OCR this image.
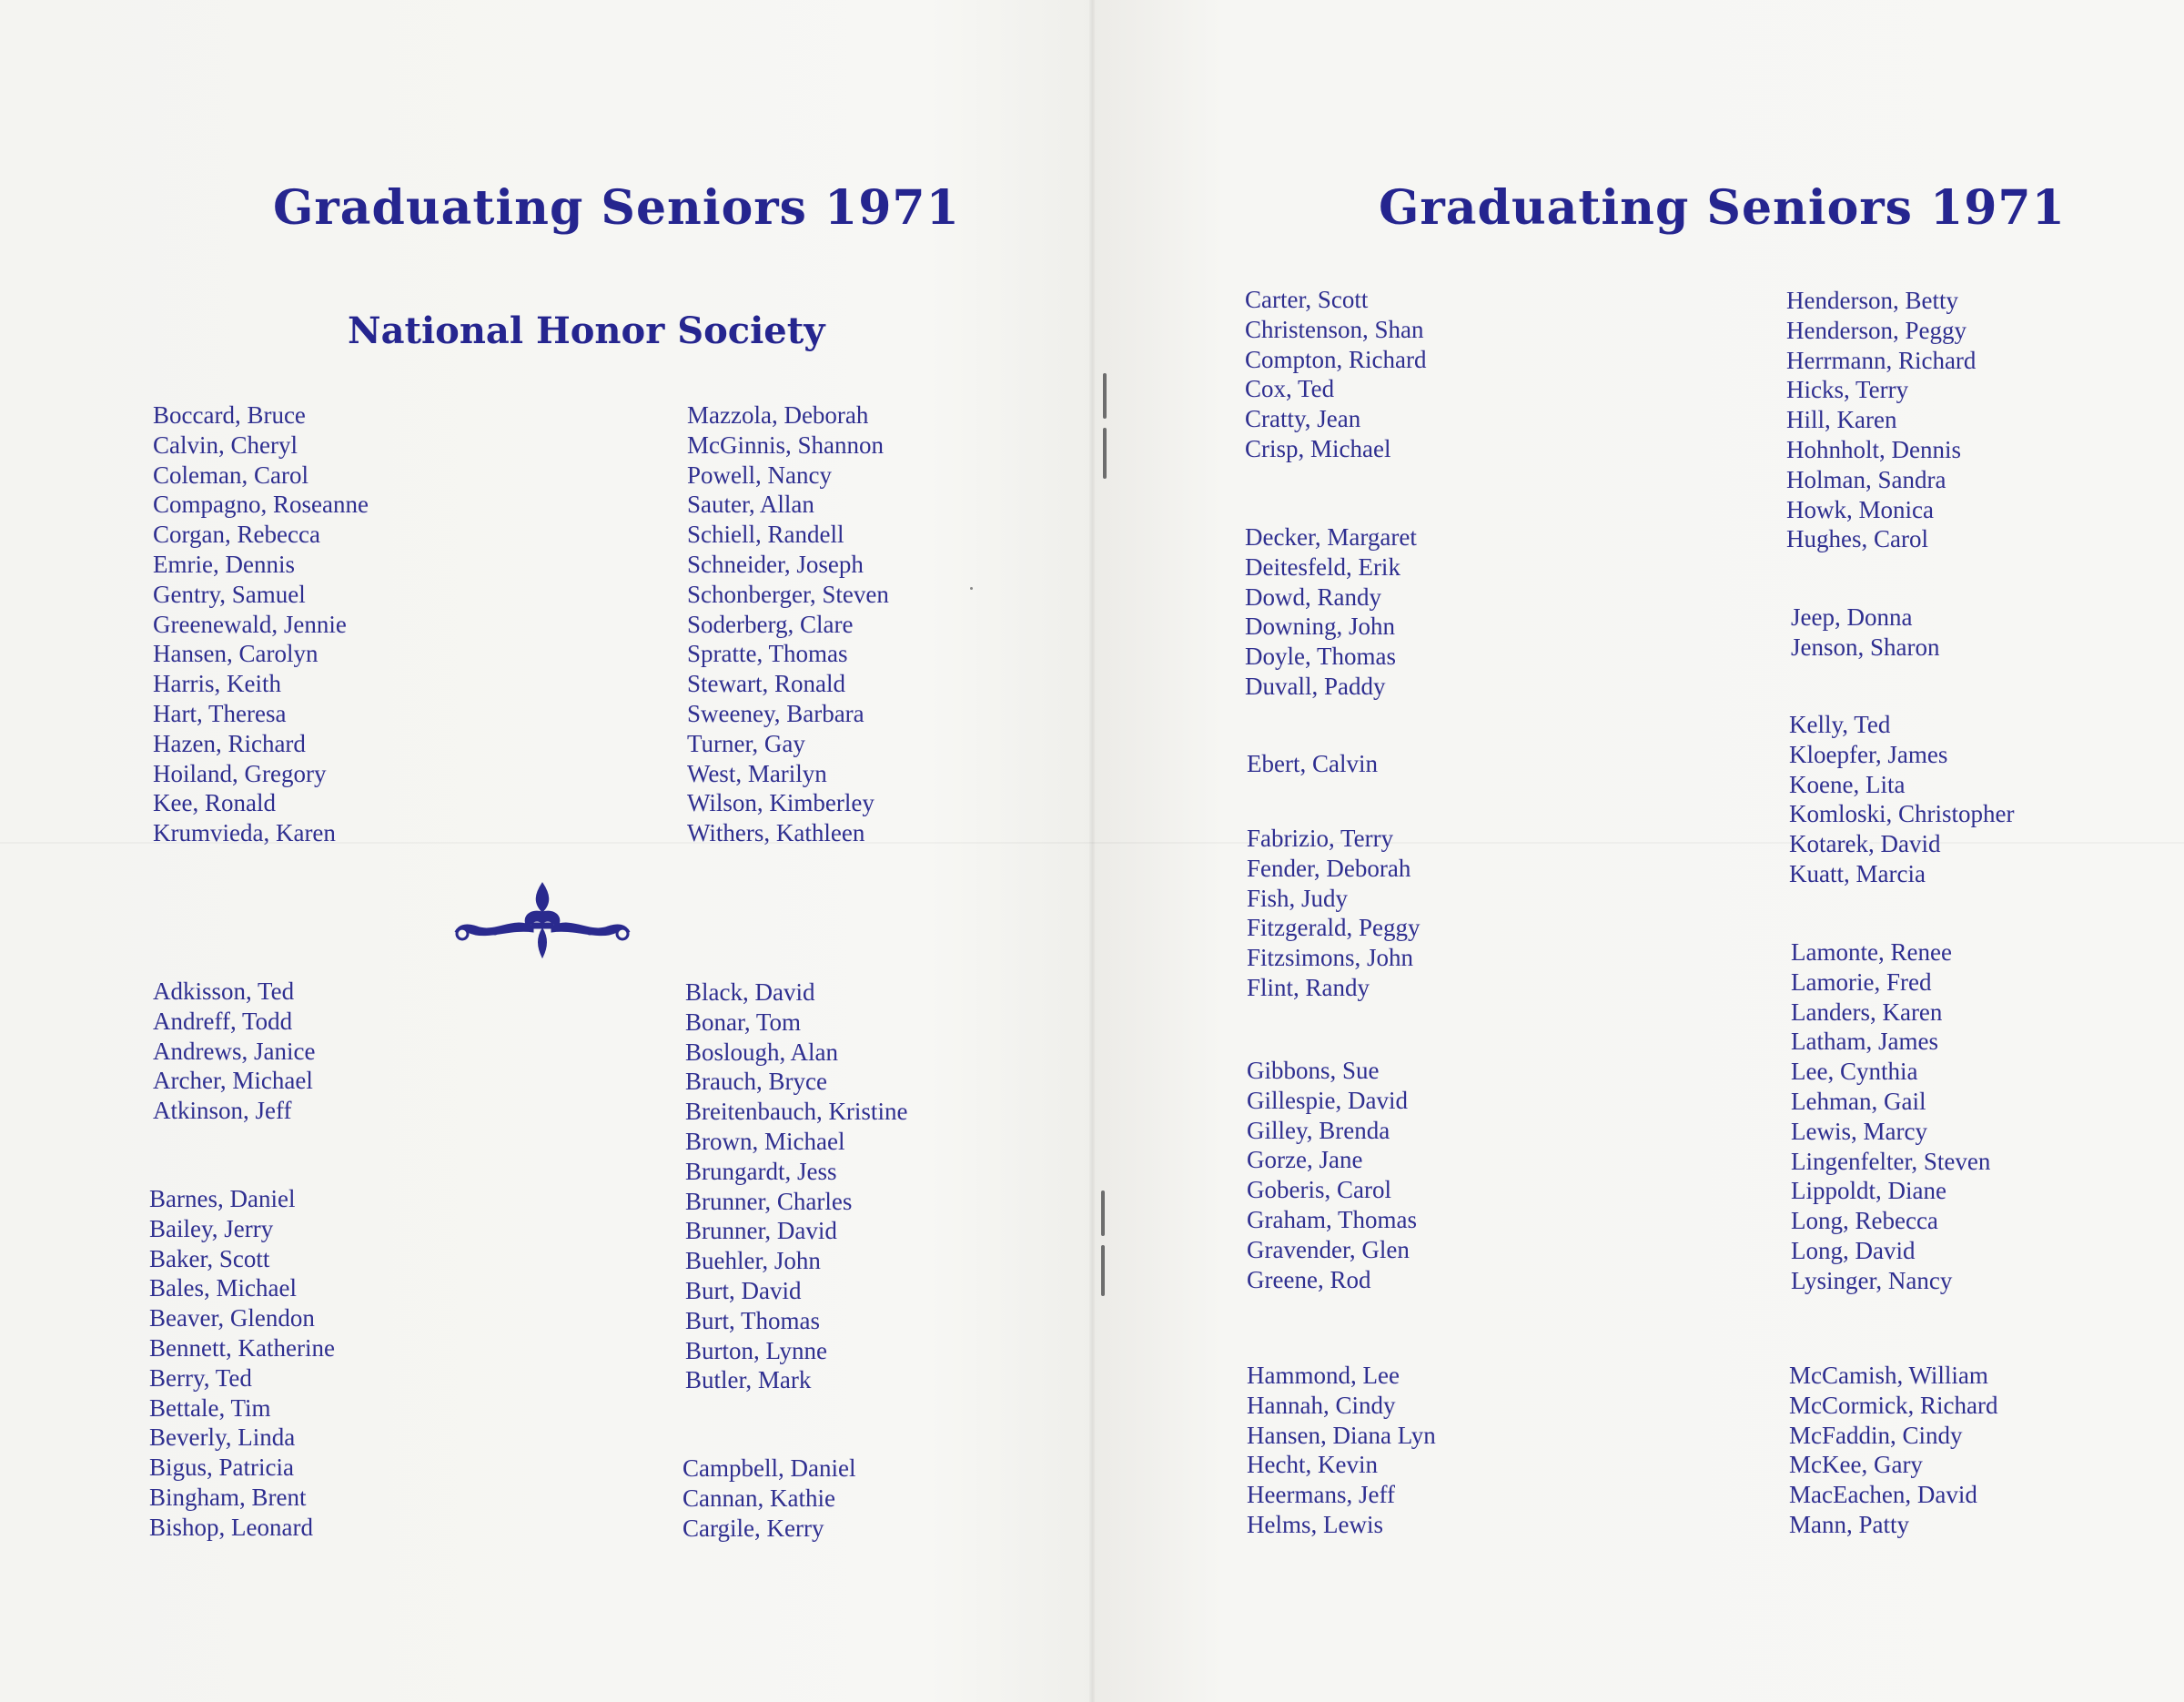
Graduating Seniors 1971
National Honor Society
Boccard, Bruce
Calvin, Cheryl
Coleman, Carol
Compagno, Roseanne
Corgan, Rebecca
Emrie, Dennis
Gentry, Samuel
Greenewald, Jennie
Hansen, Carolyn
Harris, Keith
Hart, Theresa
Hazen, Richard
Hoiland, Gregory
Kee, Ronald
Krumvieda, Karen
Mazzola, Deborah
McGinnis, Shannon
Powell, Nancy
Sauter, Allan
Schiell, Randell
Schneider, Joseph
Schonberger, Steven
Soderberg, Clare
Spratte, Thomas
Stewart, Ronald
Sweeney, Barbara
Turner, Gay
West, Marilyn
Wilson, Kimberley
Withers, Kathleen
Adkisson, Ted
Andreff, Todd
Andrews, Janice
Archer, Michael
Atkinson, Jeff
Barnes, Daniel
Bailey, Jerry
Baker, Scott
Bales, Michael
Beaver, Glendon
Bennett, Katherine
Berry, Ted
Bettale, Tim
Beverly, Linda
Bigus, Patricia
Bingham, Brent
Bishop, Leonard
Black, David
Bonar, Tom
Boslough, Alan
Brauch, Bryce
Breitenbauch, Kristine
Brown, Michael
Brungardt, Jess
Brunner, Charles
Brunner, David
Buehler, John
Burt, David
Burt, Thomas
Burton, Lynne
Butler, Mark
Campbell, Daniel
Cannan, Kathie
Cargile, Kerry
Graduating Seniors 1971
Carter, Scott
Christenson, Shan
Compton, Richard
Cox, Ted
Cratty, Jean
Crisp, Michael
Decker, Margaret
Deitesfeld, Erik
Dowd, Randy
Downing, John
Doyle, Thomas
Duvall, Paddy
Ebert, Calvin
Fabrizio, Terry
Fender, Deborah
Fish, Judy
Fitzgerald, Peggy
Fitzsimons, John
Flint, Randy
Gibbons, Sue
Gillespie, David
Gilley, Brenda
Gorze, Jane
Goberis, Carol
Graham, Thomas
Gravender, Glen
Greene, Rod
Hammond, Lee
Hannah, Cindy
Hansen, Diana Lyn
Hecht, Kevin
Heermans, Jeff
Helms, Lewis
Henderson, Betty
Henderson, Peggy
Herrmann, Richard
Hicks, Terry
Hill, Karen
Hohnholt, Dennis
Holman, Sandra
Howk, Monica
Hughes, Carol
Jeep, Donna
Jenson, Sharon
Kelly, Ted
Kloepfer, James
Koene, Lita
Komloski, Christopher
Kotarek, David
Kuatt, Marcia
Lamonte, Renee
Lamorie, Fred
Landers, Karen
Latham, James
Lee, Cynthia
Lehman, Gail
Lewis, Marcy
Lingenfelter, Steven
Lippoldt, Diane
Long, Rebecca
Long, David
Lysinger, Nancy
McCamish, William
McCormick, Richard
McFaddin, Cindy
McKee, Gary
MacEachen, David
Mann, Patty
